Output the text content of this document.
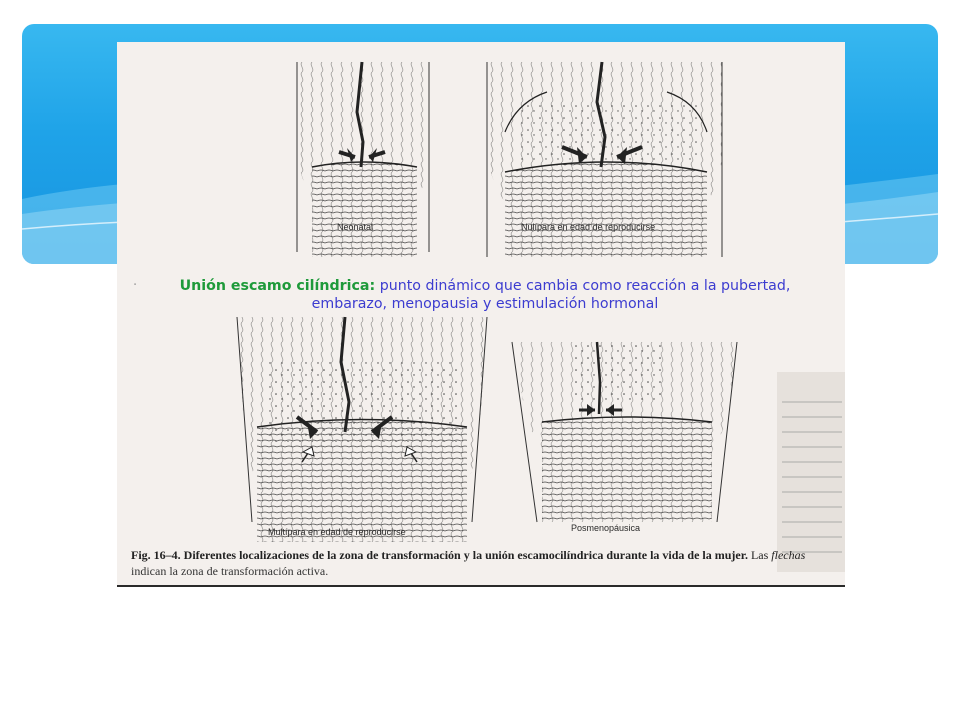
Neonatal	Nulípara en edad de reproducirse
Multípara en edad de reproducirse	Posmenopáusica
·	Unión escamo cilíndrica: punto dinámico que cambia como reacción a la pubertad, embarazo, menopausia y estimulación hormonal
Fig. 16–4. Diferentes localizaciones de la zona de transformación y la unión escamocilíndrica durante la vida de la mujer. Las flechas indican la zona de transformación activa.
